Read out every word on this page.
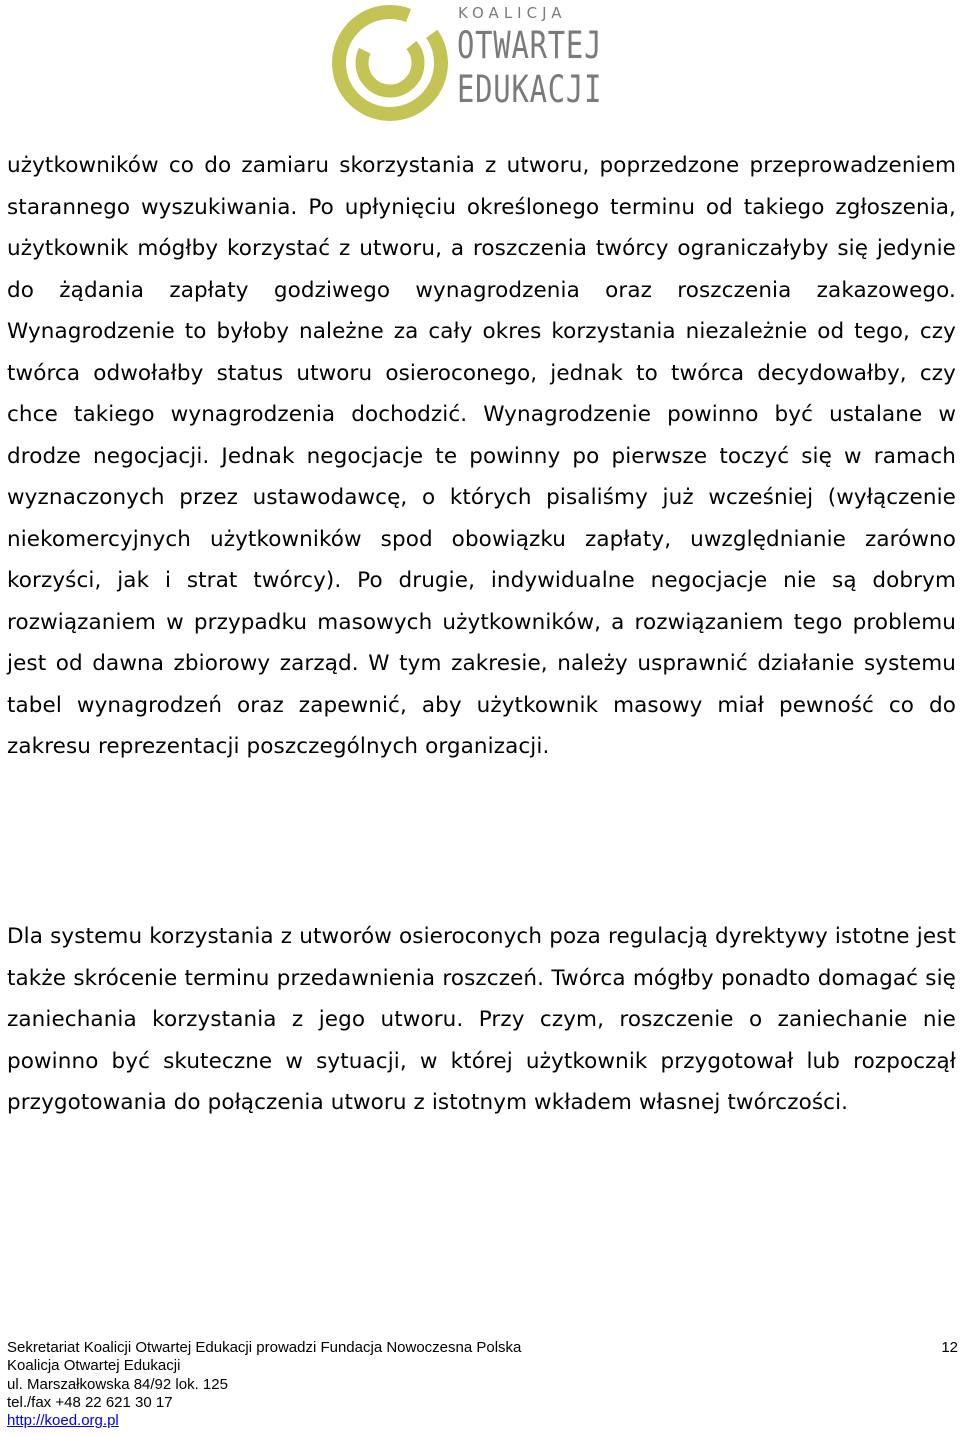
KOALICJA
OTWARTEJ
EDUKACJI

użytkowników co do zamiaru skorzystania z utworu, poprzedzone przeprowadzeniem starannego wyszukiwania. Po upłynięciu określonego terminu od takiego zgłoszenia, użytkownik mógłby korzystać z utworu, a roszczenia twórcy ograniczałyby się jedynie do żądania zapłaty godziwego wynagrodzenia oraz roszczenia zakazowego. Wynagrodzenie to byłoby należne za cały okres korzystania niezależnie od tego, czy twórca odwołałby status utworu osieroconego, jednak to twórca decydowałby, czy chce takiego wynagrodzenia dochodzić. Wynagrodzenie powinno być ustalane w drodze negocjacji. Jednak negocjacje te powinny po pierwsze toczyć się w ramach wyznaczonych przez ustawodawcę, o których pisaliśmy już wcześniej (wyłączenie niekomercyjnych użytkowników spod obowiązku zapłaty, uwzględnianie zarówno korzyści, jak i strat twórcy). Po drugie, indywidualne negocjacje nie są dobrym rozwiązaniem w przypadku masowych użytkowników, a rozwiązaniem tego problemu jest od dawna zbiorowy zarząd. W tym zakresie, należy usprawnić działanie systemu tabel wynagrodzeń oraz zapewnić, aby użytkownik masowy miał pewność co do zakresu reprezentacji poszczególnych organizacji.

Dla systemu korzystania z utworów osieroconych poza regulacją dyrektywy istotne jest także skrócenie terminu przedawnienia roszczeń. Twórca mógłby ponadto domagać się zaniechania korzystania z jego utworu. Przy czym, roszczenie o zaniechanie nie powinno być skuteczne w sytuacji, w której użytkownik przygotował lub rozpoczął przygotowania do połączenia utworu z istotnym wkładem własnej twórczości.

Sekretariat Koalicji Otwartej Edukacji prowadzi Fundacja Nowoczesna Polska
Koalicja Otwartej Edukacji
ul. Marszałkowska 84/92 lok. 125
tel./fax +48 22 621 30 17
http://koed.org.pl
12
